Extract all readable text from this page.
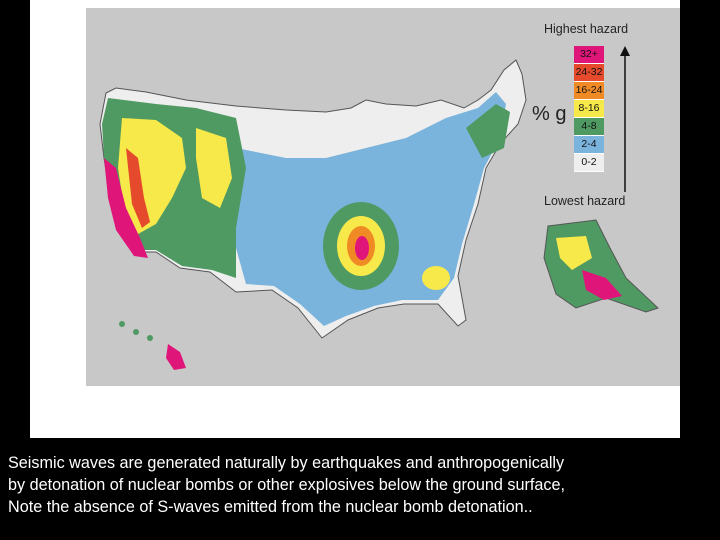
Highest hazard
% g
32+
24-32
16-24
8-16
4-8
2-4
0-2
Lowest hazard
Seismic waves are generated naturally by earthquakes and anthropogenically
by detonation of nuclear bombs or other explosives below the ground surface,
Note the absence of S-waves emitted from the nuclear bomb detonation..
